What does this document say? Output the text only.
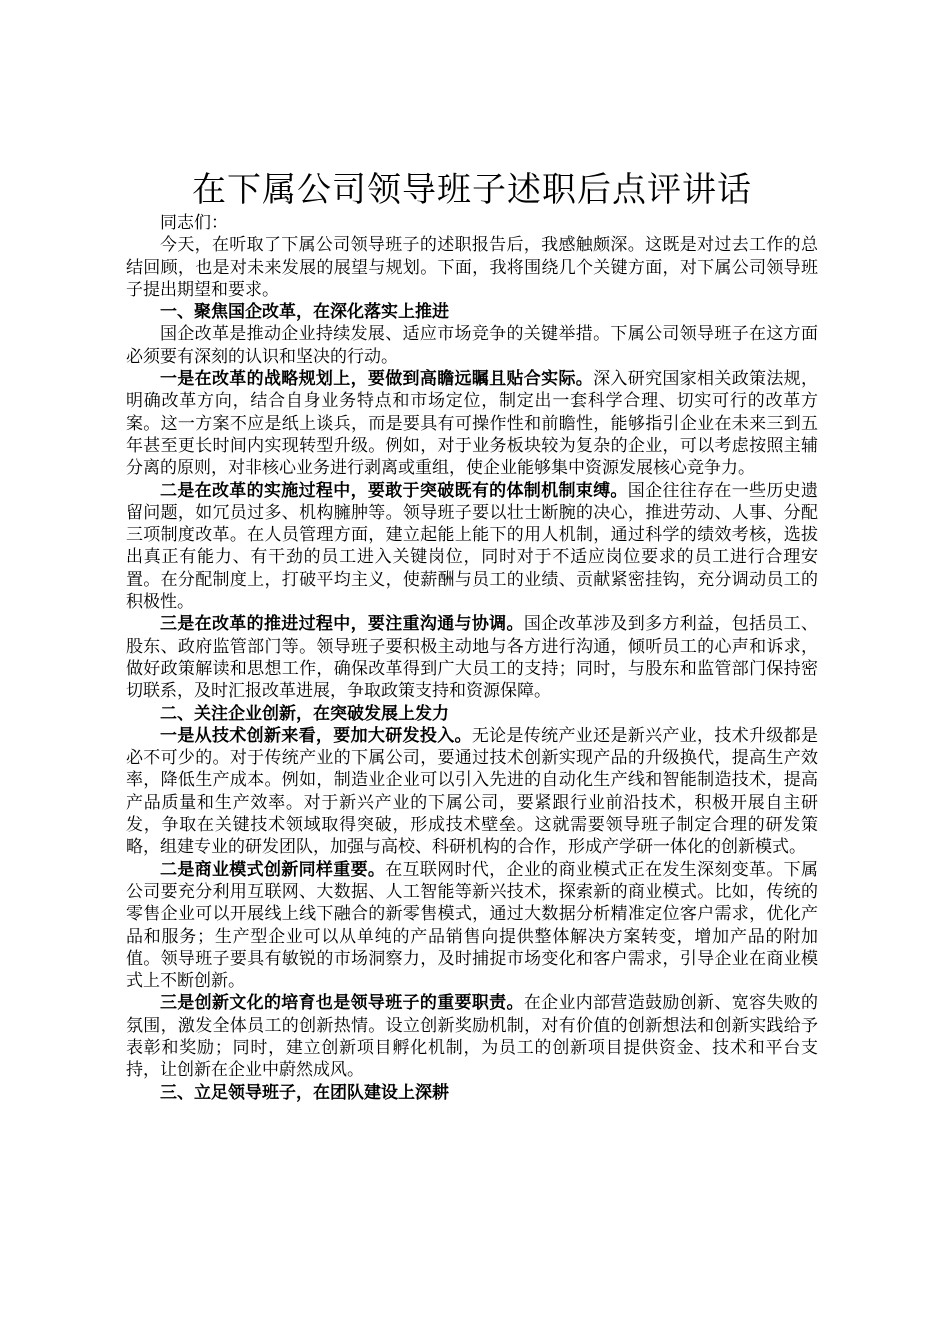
在下属公司领导班子述职后点评讲话

同志们：

今天，在听取了下属公司领导班子的述职报告后，我感触颇深。这既是对过去工作的总结回顾，也是对未来发展的展望与规划。下面，我将围绕几个关键方面，对下属公司领导班子提出期望和要求。

一、聚焦国企改革，在深化落实上推进

国企改革是推动企业持续发展、适应市场竞争的关键举措。下属公司领导班子在这方面必须要有深刻的认识和坚决的行动。

一是在改革的战略规划上，要做到高瞻远瞩且贴合实际。深入研究国家相关政策法规，明确改革方向，结合自身业务特点和市场定位，制定出一套科学合理、切实可行的改革方案。这一方案不应是纸上谈兵，而是要具有可操作性和前瞻性，能够指引企业在未来三到五年甚至更长时间内实现转型升级。例如，对于业务板块较为复杂的企业，可以考虑按照主辅分离的原则，对非核心业务进行剥离或重组，使企业能够集中资源发展核心竞争力。

二是在改革的实施过程中，要敢于突破既有的体制机制束缚。国企往往存在一些历史遗留问题，如冗员过多、机构臃肿等。领导班子要以壮士断腕的决心，推进劳动、人事、分配三项制度改革。在人员管理方面，建立起能上能下的用人机制，通过科学的绩效考核，选拔出真正有能力、有干劲的员工进入关键岗位，同时对于不适应岗位要求的员工进行合理安置。在分配制度上，打破平均主义，使薪酬与员工的业绩、贡献紧密挂钩，充分调动员工的积极性。

三是在改革的推进过程中，要注重沟通与协调。国企改革涉及到多方利益，包括员工、股东、政府监管部门等。领导班子要积极主动地与各方进行沟通，倾听员工的心声和诉求，做好政策解读和思想工作，确保改革得到广大员工的支持；同时，与股东和监管部门保持密切联系，及时汇报改革进展，争取政策支持和资源保障。

二、关注企业创新，在突破发展上发力

一是从技术创新来看，要加大研发投入。无论是传统产业还是新兴产业，技术升级都是必不可少的。对于传统产业的下属公司，要通过技术创新实现产品的升级换代，提高生产效率，降低生产成本。例如，制造业企业可以引入先进的自动化生产线和智能制造技术，提高产品质量和生产效率。对于新兴产业的下属公司，要紧跟行业前沿技术，积极开展自主研发，争取在关键技术领域取得突破，形成技术壁垒。这就需要领导班子制定合理的研发策略，组建专业的研发团队，加强与高校、科研机构的合作，形成产学研一体化的创新模式。

二是商业模式创新同样重要。在互联网时代，企业的商业模式正在发生深刻变革。下属公司要充分利用互联网、大数据、人工智能等新兴技术，探索新的商业模式。比如，传统的零售企业可以开展线上线下融合的新零售模式，通过大数据分析精准定位客户需求，优化产品和服务；生产型企业可以从单纯的产品销售向提供整体解决方案转变，增加产品的附加值。领导班子要具有敏锐的市场洞察力，及时捕捉市场变化和客户需求，引导企业在商业模式上不断创新。

三是创新文化的培育也是领导班子的重要职责。在企业内部营造鼓励创新、宽容失败的氛围，激发全体员工的创新热情。设立创新奖励机制，对有价值的创新想法和创新实践给予表彰和奖励；同时，建立创新项目孵化机制，为员工的创新项目提供资金、技术和平台支持，让创新在企业中蔚然成风。

三、立足领导班子，在团队建设上深耕
